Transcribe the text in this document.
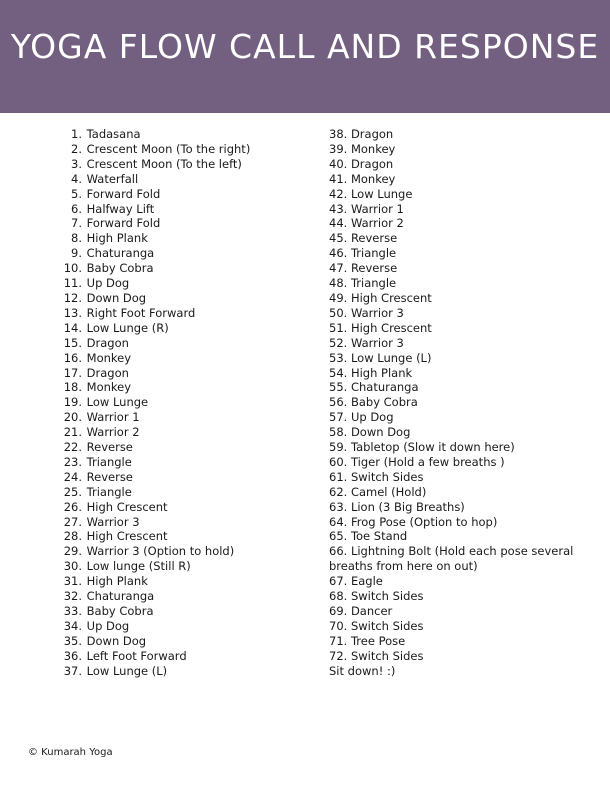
YOGA FLOW CALL AND RESPONSE
1. Tadasana
2. Crescent Moon (To the right)
3. Crescent Moon (To the left)
4. Waterfall
5. Forward Fold
6. Halfway Lift
7. Forward Fold
8. High Plank
9. Chaturanga
10. Baby Cobra
11. Up Dog
12. Down Dog
13. Right Foot Forward
14. Low Lunge (R)
15. Dragon
16. Monkey
17. Dragon
18. Monkey
19. Low Lunge
20. Warrior 1
21. Warrior 2
22. Reverse
23. Triangle
24. Reverse
25. Triangle
26. High Crescent
27. Warrior 3
28. High Crescent
29. Warrior 3 (Option to hold)
30. Low lunge (Still R)
31. High Plank
32. Chaturanga
33. Baby Cobra
34. Up Dog
35. Down Dog
36. Left Foot Forward
37. Low Lunge (L)
38. Dragon
39. Monkey
40. Dragon
41. Monkey
42. Low Lunge
43. Warrior 1
44. Warrior 2
45. Reverse
46. Triangle
47. Reverse
48. Triangle
49. High Crescent
50. Warrior 3
51. High Crescent
52. Warrior 3
53. Low Lunge (L)
54. High Plank
55. Chaturanga
56. Baby Cobra
57. Up Dog
58. Down Dog
59. Tabletop (Slow it down here)
60. Tiger (Hold a few breaths )
61. Switch Sides
62. Camel (Hold)
63. Lion (3 Big Breaths)
64. Frog Pose (Option to hop)
65. Toe Stand
66. Lightning Bolt (Hold each pose several
breaths from here on out)
67. Eagle
68. Switch Sides
69. Dancer
70. Switch Sides
71. Tree Pose
72. Switch Sides
Sit down! :)
© Kumarah Yoga
